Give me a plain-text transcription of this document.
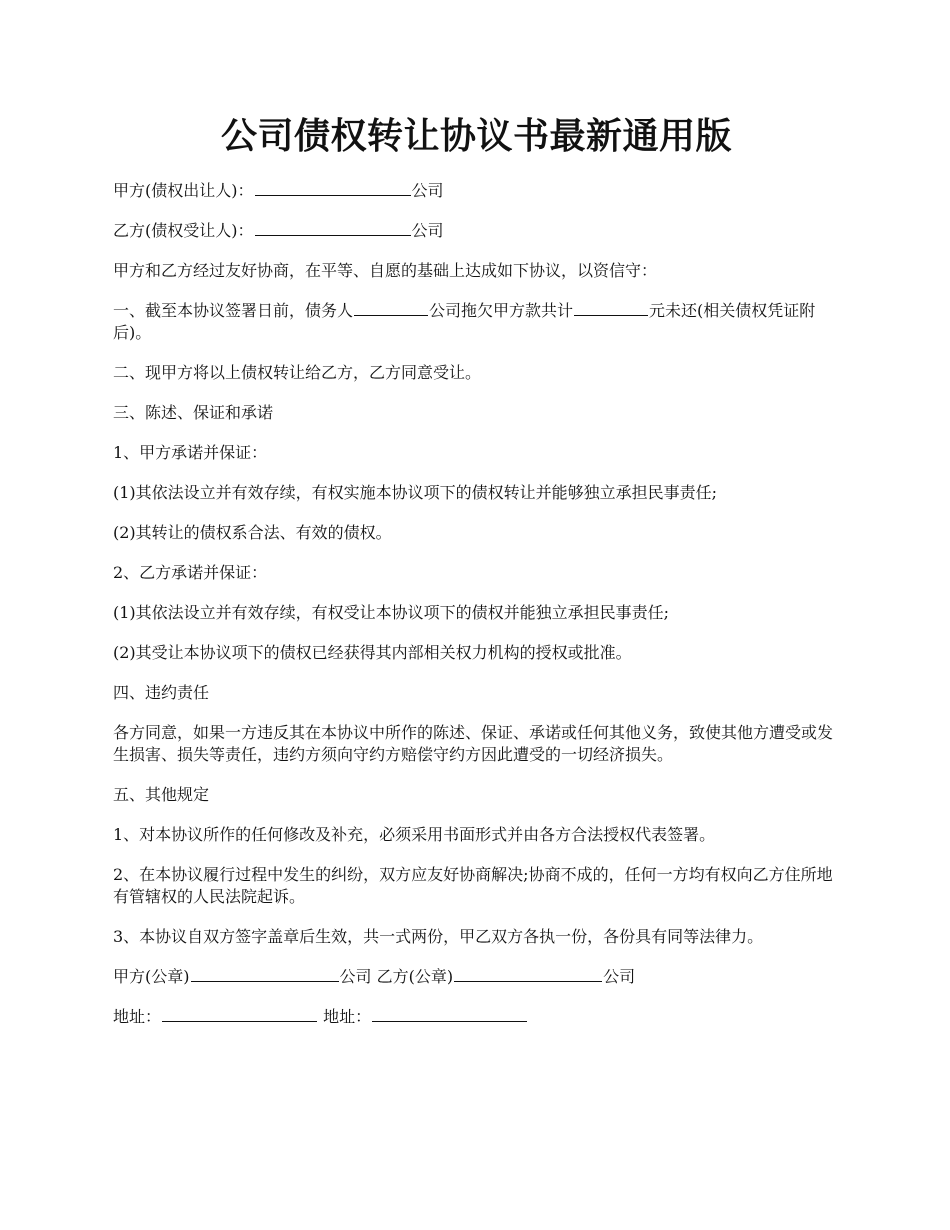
公司债权转让协议书最新通用版

甲方(债权出让人)：	公司

乙方(债权受让人)：	公司

甲方和乙方经过友好协商，在平等、自愿的基础上达成如下协议，以资信守：

一、截至本协议签署日前，债务人	公司拖欠甲方款共计	元未还(相关债权凭证附后)。

二、现甲方将以上债权转让给乙方，乙方同意受让。

三、陈述、保证和承诺

1、甲方承诺并保证：

(1)其依法设立并有效存续，有权实施本协议项下的债权转让并能够独立承担民事责任;

(2)其转让的债权系合法、有效的债权。

2、乙方承诺并保证：

(1)其依法设立并有效存续，有权受让本协议项下的债权并能独立承担民事责任;

(2)其受让本协议项下的债权已经获得其内部相关权力机构的授权或批准。

四、违约责任

各方同意，如果一方违反其在本协议中所作的陈述、保证、承诺或任何其他义务，致使其他方遭受或发生损害、损失等责任，违约方须向守约方赔偿守约方因此遭受的一切经济损失。

五、其他规定

1、对本协议所作的任何修改及补充，必须采用书面形式并由各方合法授权代表签署。

2、在本协议履行过程中发生的纠纷，双方应友好协商解决;协商不成的，任何一方均有权向乙方住所地有管辖权的人民法院起诉。

3、本协议自双方签字盖章后生效，共一式两份，甲乙双方各执一份，各份具有同等法律力。

甲方(公章)	公司 乙方(公章)	公司

地址：	地址：
